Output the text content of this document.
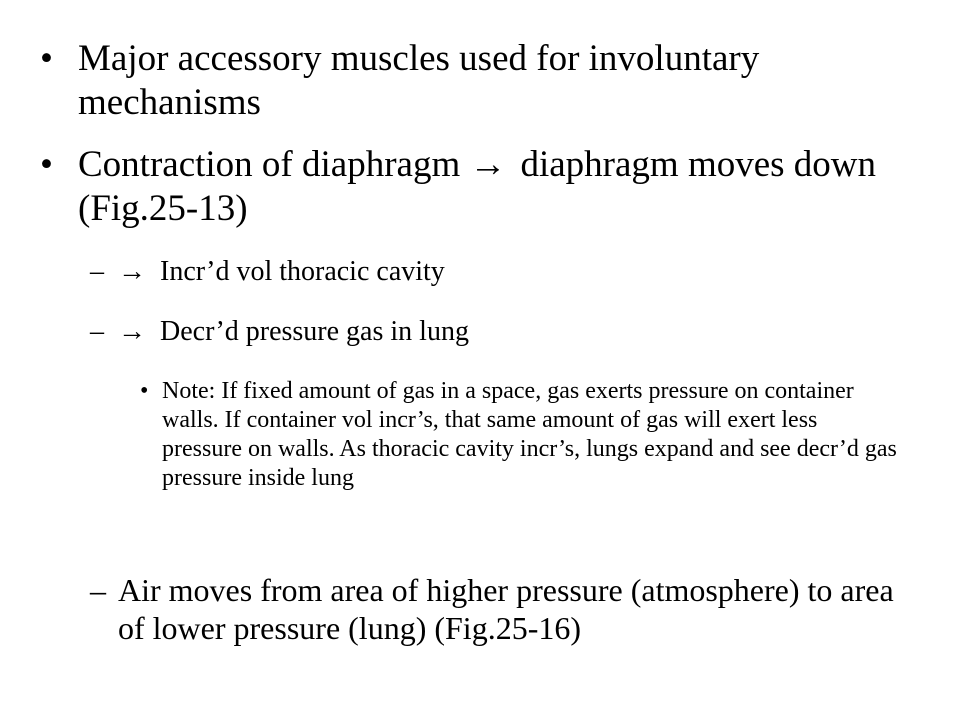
• Major accessory muscles used for involuntary mechanisms
• Contraction of diaphragm → diaphragm moves down (Fig.25-13)
– → Incr’d vol thoracic cavity
– → Decr’d pressure gas in lung
• Note: If fixed amount of gas in a space, gas exerts pressure on container walls. If container vol incr’s, that same amount of gas will exert less pressure on walls. As thoracic cavity incr’s, lungs expand and see decr’d gas pressure inside lung
– Air moves from area of higher pressure (atmosphere) to area of lower pressure (lung) (Fig.25-16)
